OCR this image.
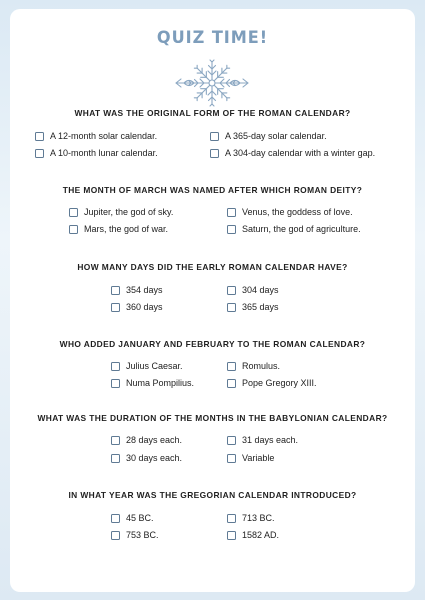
QUIZ TIME!
WHAT WAS THE ORIGINAL FORM OF THE ROMAN CALENDAR?
A 12-month solar calendar.	A 365-day solar calendar.
A 10-month lunar calendar.	A 304-day calendar with a winter gap.
THE MONTH OF MARCH WAS NAMED AFTER WHICH ROMAN DEITY?
Jupiter, the god of sky.	Venus, the goddess of love.
Mars, the god of war.	Saturn, the god of agriculture.
HOW MANY DAYS DID THE EARLY ROMAN CALENDAR HAVE?
354 days	304 days
360 days	365 days
WHO ADDED JANUARY AND FEBRUARY TO THE ROMAN CALENDAR?
Julius Caesar.	Romulus.
Numa Pompilius.	Pope Gregory XIII.
WHAT WAS THE DURATION OF THE MONTHS IN THE BABYLONIAN CALENDAR?
28 days each.	31 days each.
30 days each.	Variable
IN WHAT YEAR WAS THE GREGORIAN CALENDAR INTRODUCED?
45 BC.	713 BC.
753 BC.	1582 AD.
